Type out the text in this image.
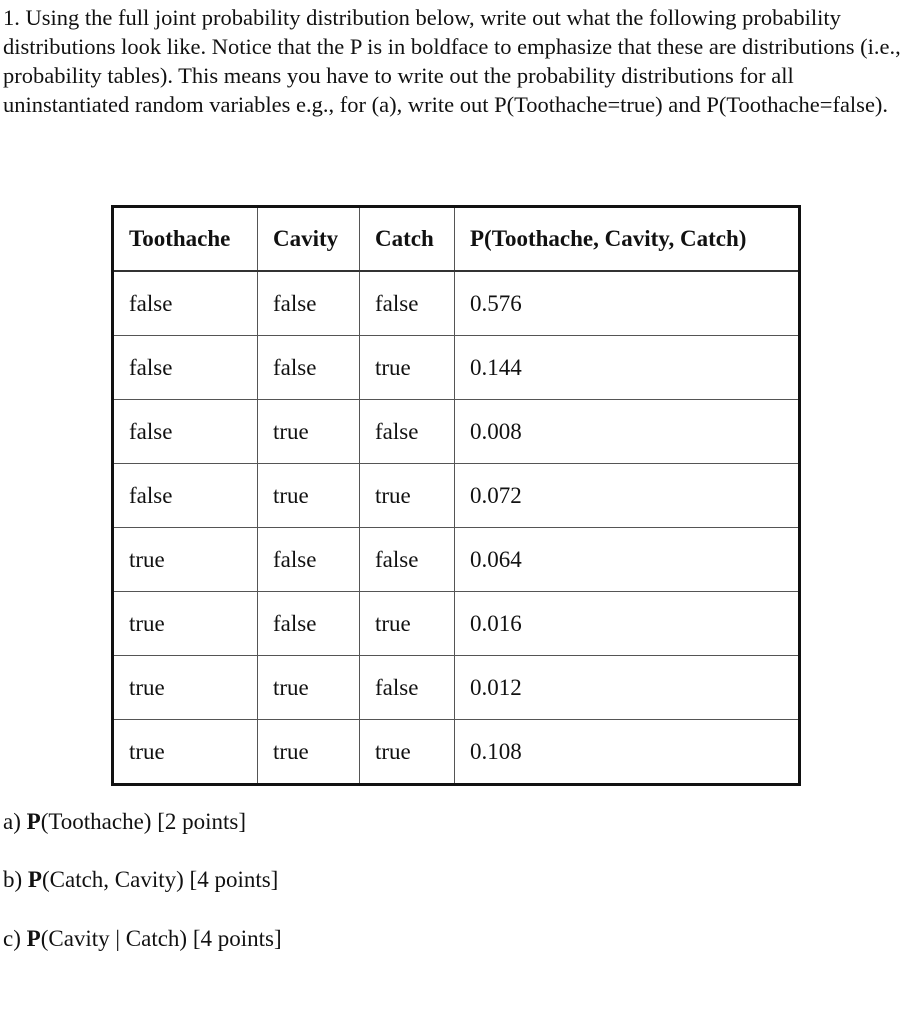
1. Using the full joint probability distribution below, write out what the following probability distributions look like. Notice that the P is in boldface to emphasize that these are distributions (i.e., probability tables). This means you have to write out the probability distributions for all uninstantiated random variables e.g., for (a), write out P(Toothache=true) and P(Toothache=false).

Toothache	Cavity	Catch	P(Toothache, Cavity, Catch)
false	false	false	0.576
false	false	true	0.144
false	true	false	0.008
false	true	true	0.072
true	false	false	0.064
true	false	true	0.016
true	true	false	0.012
true	true	true	0.108

a) P(Toothache) [2 points]

b) P(Catch, Cavity) [4 points]

c) P(Cavity | Catch) [4 points]
